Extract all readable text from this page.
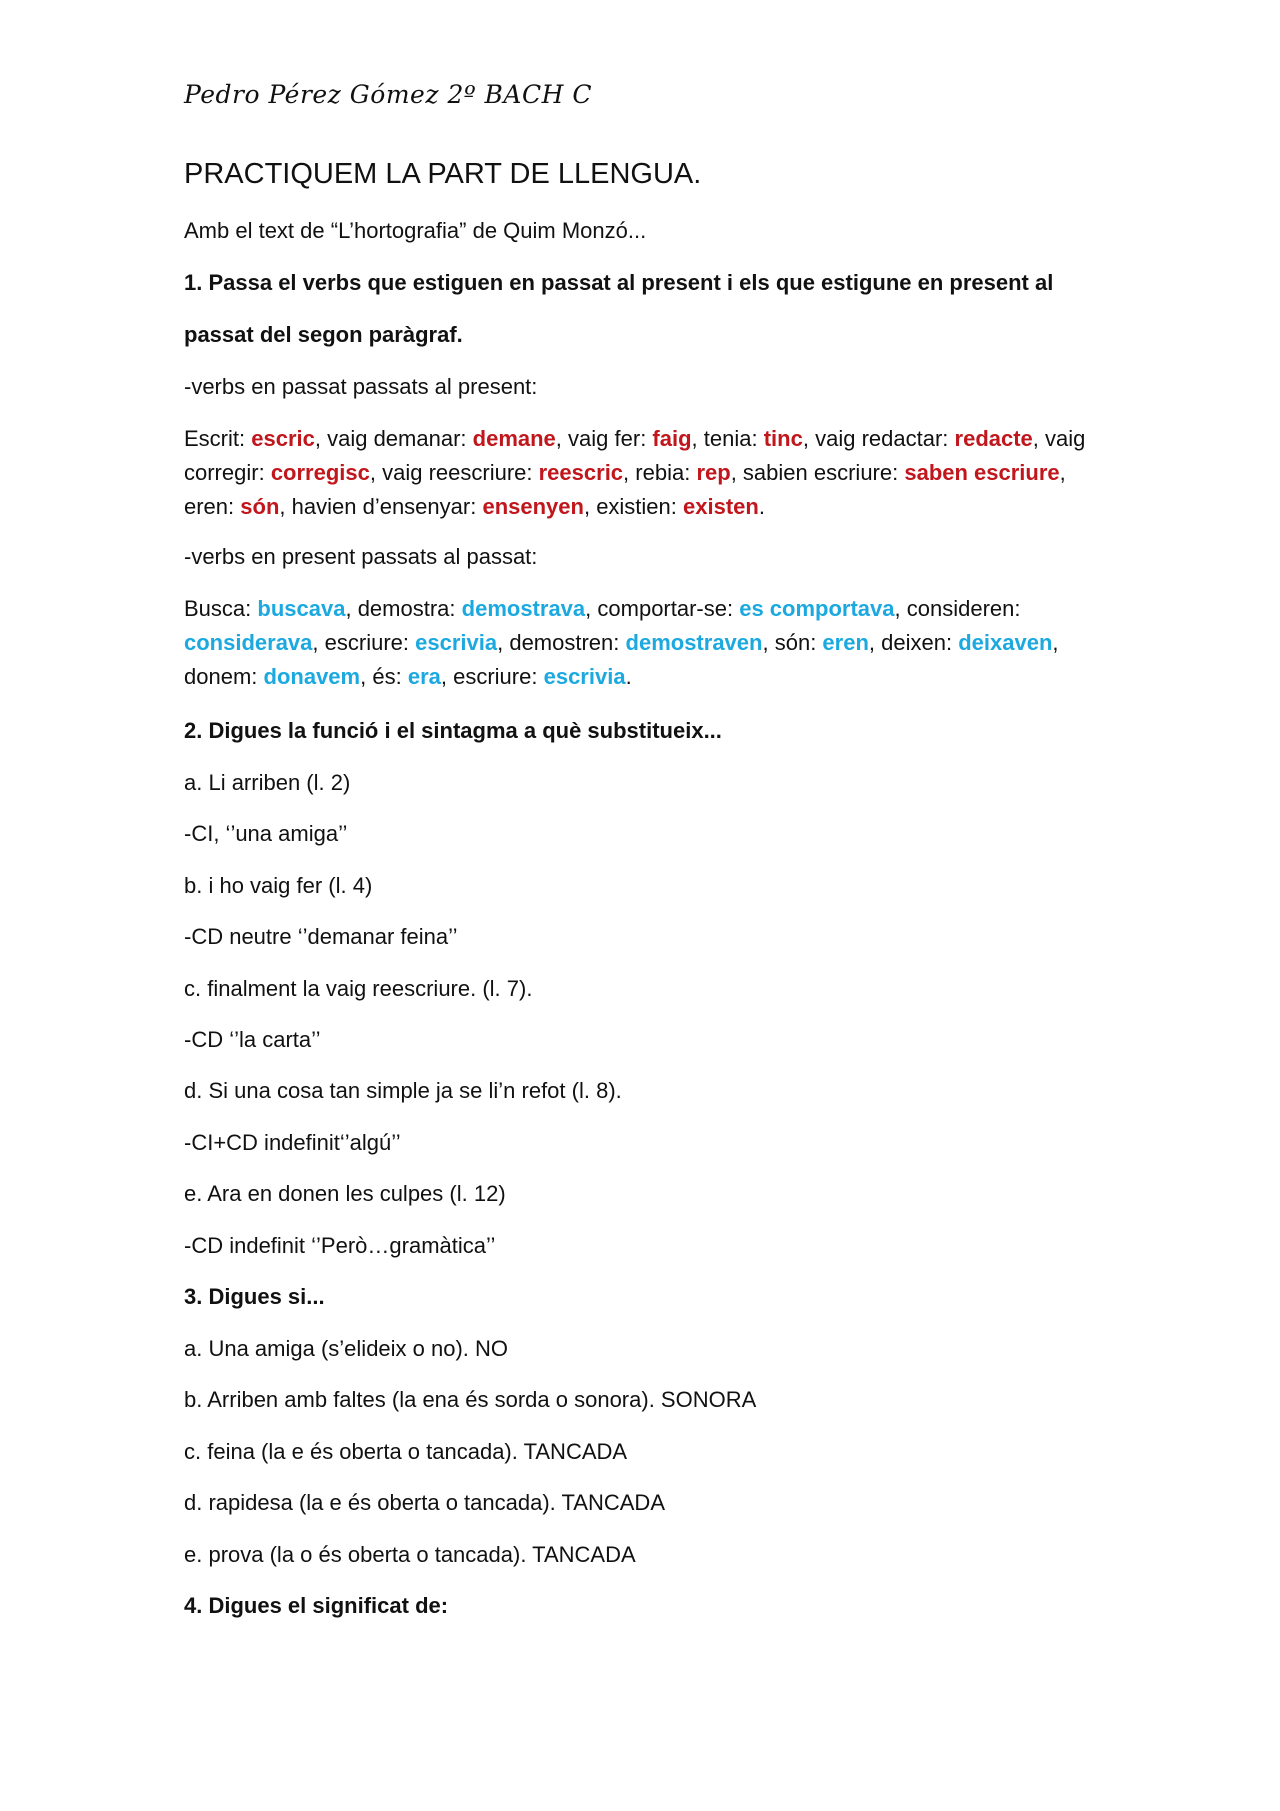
Pedro Pérez Gómez 2º BACH C
PRACTIQUEM LA PART DE LLENGUA.
Amb el text de “L’hortografia” de Quim Monzó...
1. Passa el verbs que estiguen en passat al present i els que estigune en present al
passat del segon paràgraf.
-verbs en passat passats al present:
Escrit: escric, vaig demanar: demane, vaig fer: faig, tenia: tinc, vaig redactar: redacte, vaig corregir: corregisc, vaig reescriure: reescric, rebia: rep, sabien escriure: saben escriure, eren: són, havien d’ensenyar: ensenyen, existien: existen.
-verbs en present passats al passat:
Busca: buscava, demostra: demostrava, comportar-se: es comportava, consideren: considerava, escriure: escrivia, demostren: demostraven, són: eren, deixen: deixaven, donem: donavem, és: era, escriure: escrivia.
2. Digues la funció i el sintagma a què substitueix...
a. Li arriben (l. 2)
-CI, ‘’una amiga’’
b. i ho vaig fer (l. 4)
-CD neutre ‘’demanar feina’’
c. finalment la vaig reescriure. (l. 7).
-CD ‘’la carta’’
d. Si una cosa tan simple ja se li’n refot (l. 8).
-CI+CD indefinit‘’algú’’
e. Ara en donen les culpes (l. 12)
-CD indefinit ‘’Però…gramàtica’’
3. Digues si...
a. Una amiga (s’elideix o no). NO
b. Arriben amb faltes (la ena és sorda o sonora). SONORA
c. feina (la e és oberta o tancada). TANCADA
d. rapidesa (la e és oberta o tancada). TANCADA
e. prova (la o és oberta o tancada). TANCADA
4. Digues el significat de:
